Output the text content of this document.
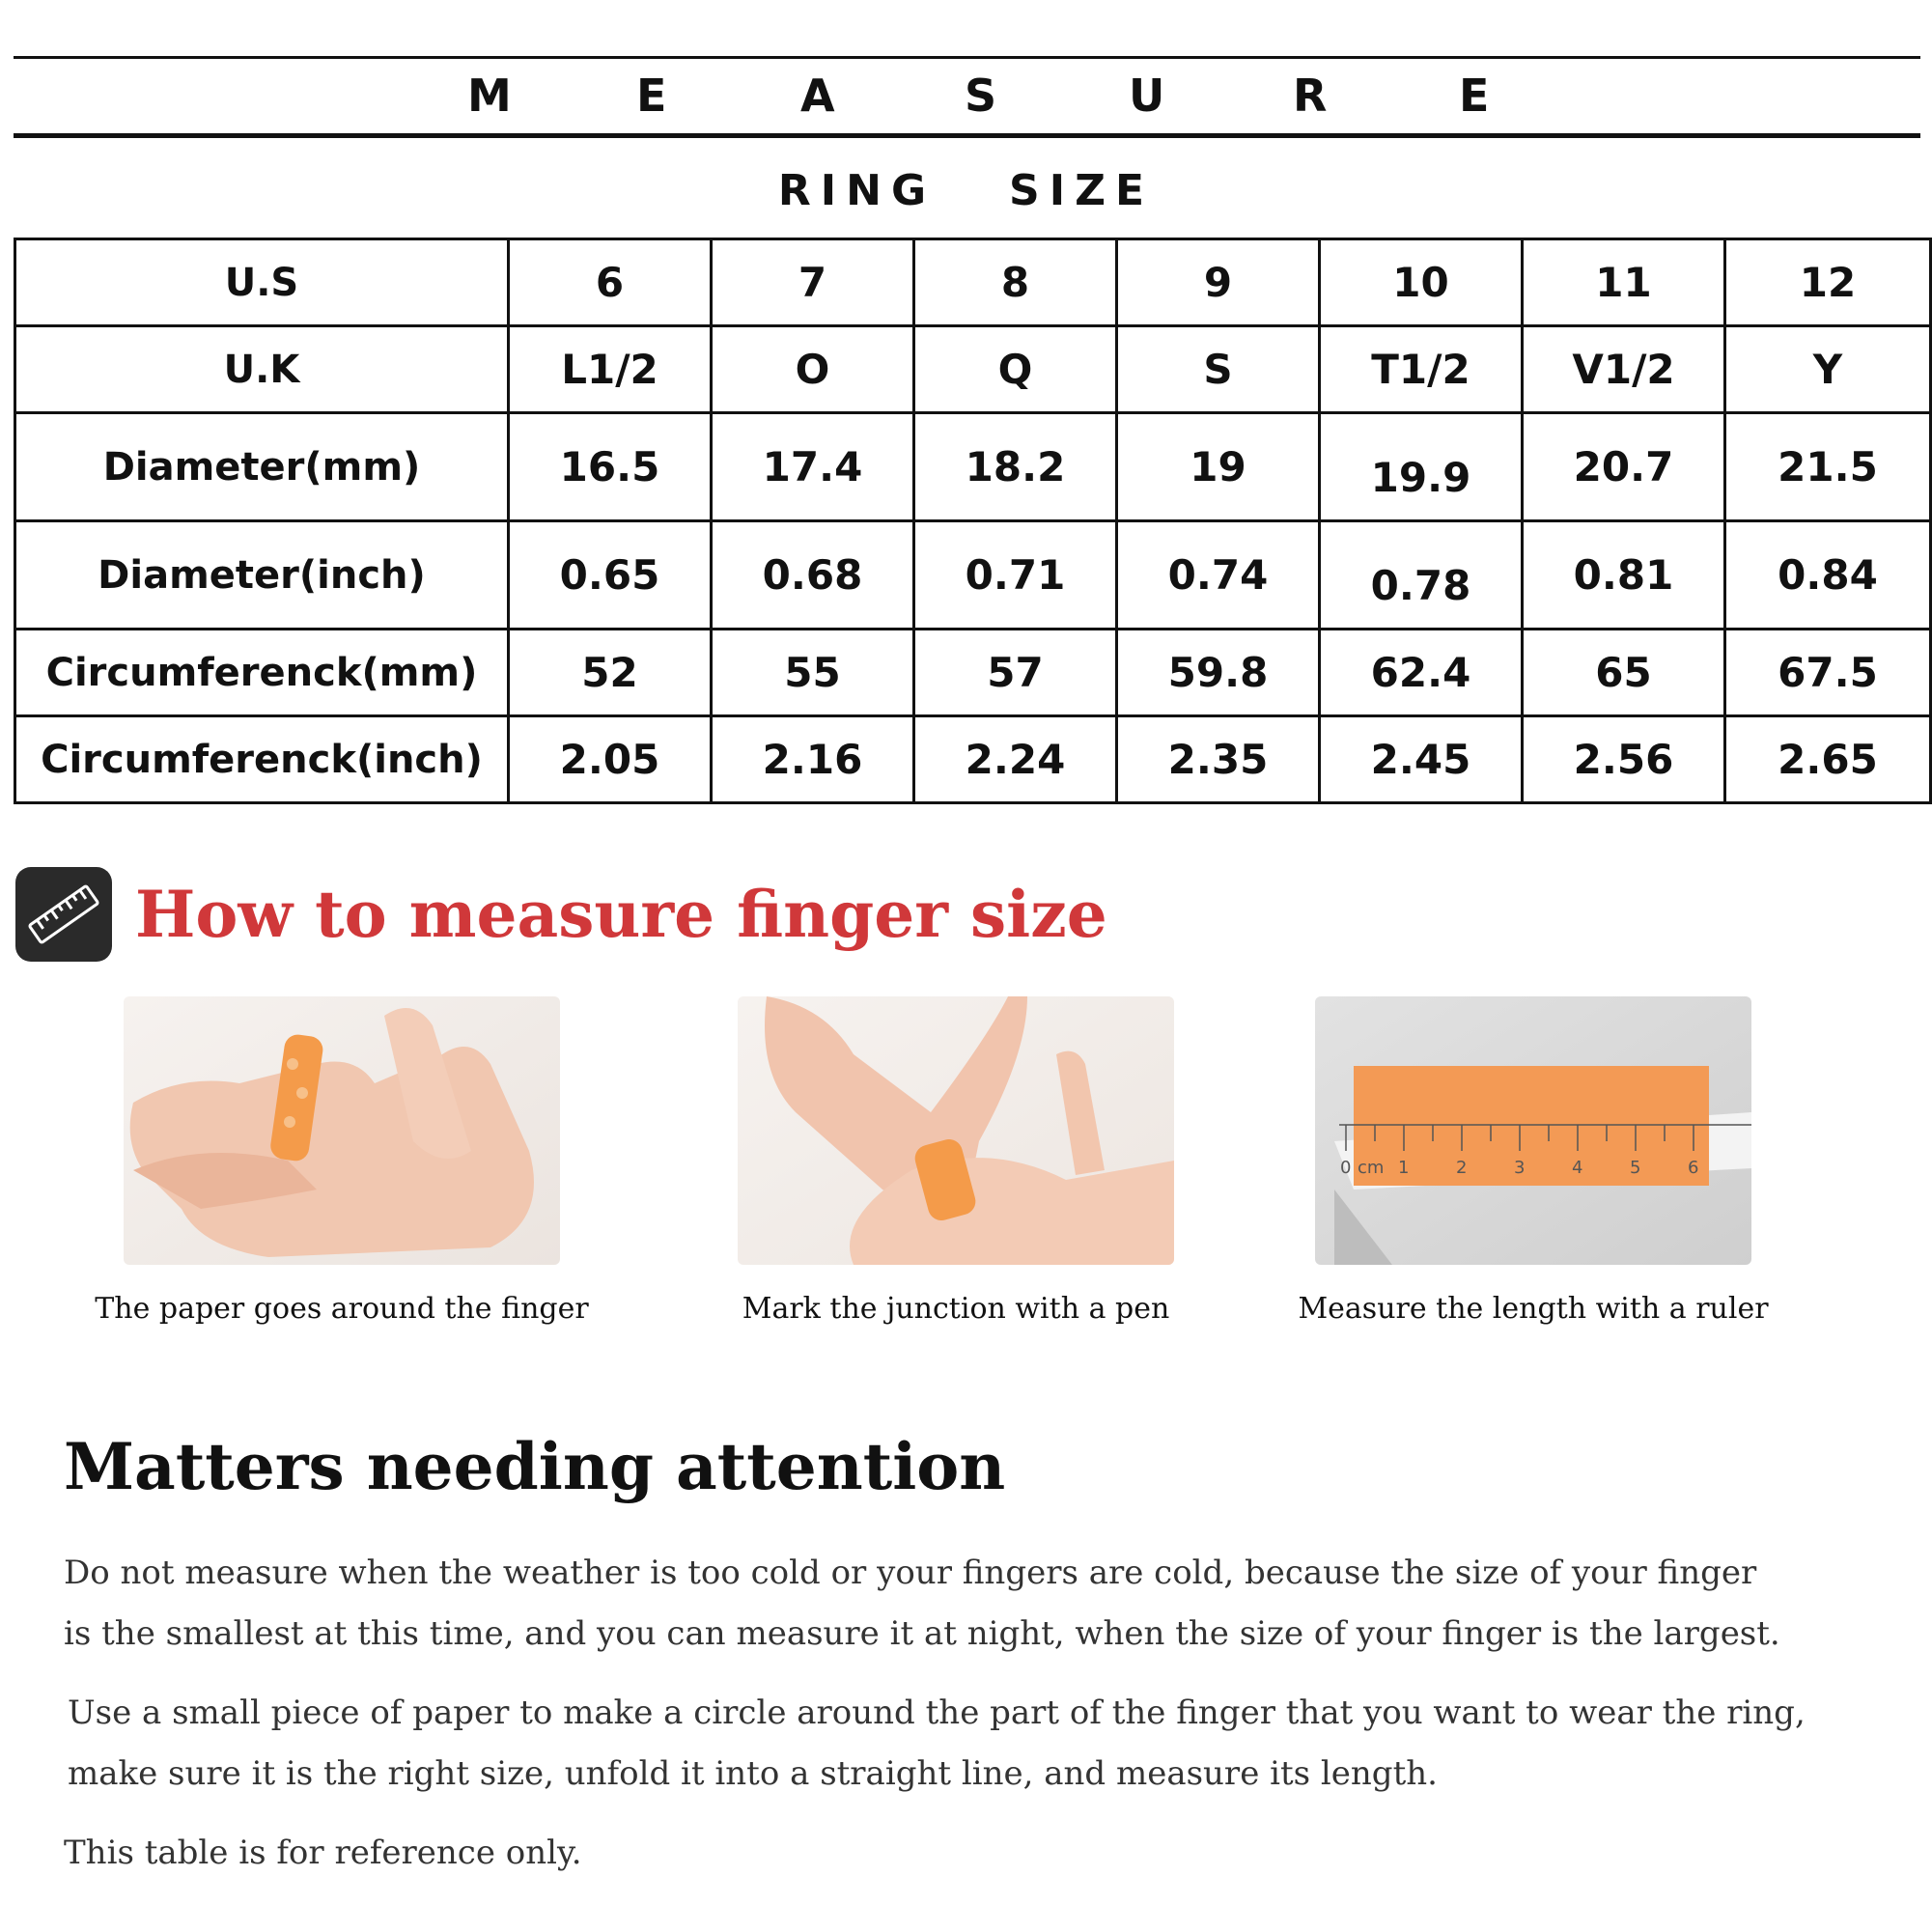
M	E	A	S	U	R	E
RING   SIZE
U.S	6	7	8	9	10	11	12
U.K	L1/2	O	Q	S	T1/2	V1/2	Y
Diameter(mm)	16.5	17.4	18.2	19	19.9	20.7	21.5
Diameter(inch)	0.65	0.68	0.71	0.74	0.78	0.81	0.84
Circumferenck(mm)	52	55	57	59.8	62.4	65	67.5
Circumferenck(inch)	2.05	2.16	2.24	2.35	2.45	2.56	2.65
How to measure finger size
The paper goes around the finger	Mark the junction with a pen
0 cm 1	2	3	4	5	6
Measure the length with a ruler
Matters needing attention
Do not measure when the weather is too cold or your fingers are cold, because the size of your finger
is the smallest at this time, and you can measure it at night, when the size of your finger is the largest.
Use a small piece of paper to make a circle around the part of the finger that you want to wear the ring,
make sure it is the right size, unfold it into a straight line, and measure its length.
This table is for reference only.
